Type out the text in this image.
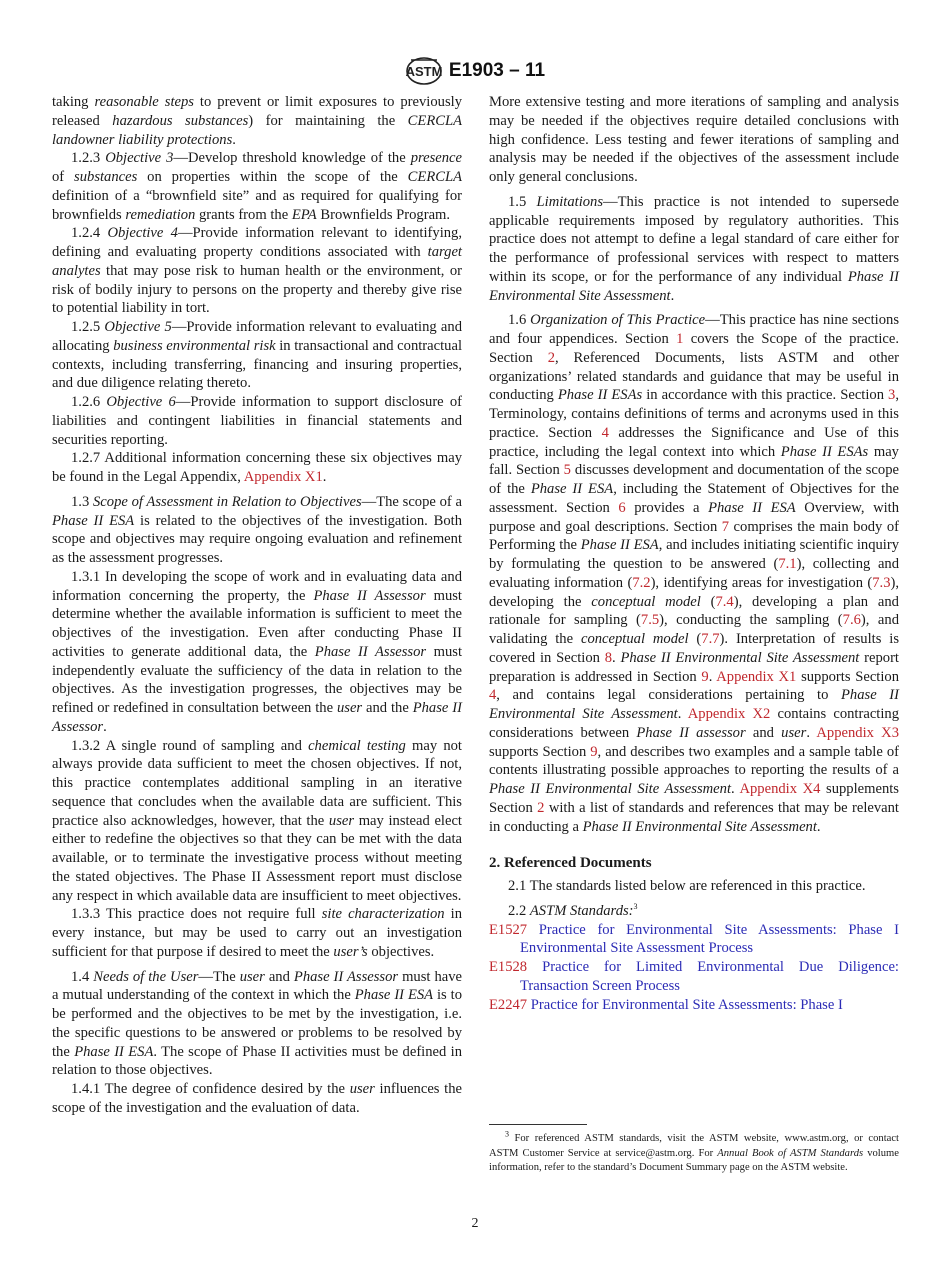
ASTM E1903 – 11

taking reasonable steps to prevent or limit exposures to previously released hazardous substances) for maintaining the CERCLA landowner liability protections.

1.2.3 Objective 3—Develop threshold knowledge of the presence of substances on properties within the scope of the CERCLA definition of a “brownfield site” and as required for qualifying for brownfields remediation grants from the EPA Brownfields Program.

1.2.4 Objective 4—Provide information relevant to identifying, defining and evaluating property conditions associated with target analytes that may pose risk to human health or the environment, or risk of bodily injury to persons on the property and thereby give rise to potential liability in tort.

1.2.5 Objective 5—Provide information relevant to evaluating and allocating business environmental risk in transactional and contractual contexts, including transferring, financing and insuring properties, and due diligence relating thereto.

1.2.6 Objective 6—Provide information to support disclosure of liabilities and contingent liabilities in financial statements and securities reporting.

1.2.7 Additional information concerning these six objectives may be found in the Legal Appendix, Appendix X1.

1.3 Scope of Assessment in Relation to Objectives—The scope of a Phase II ESA is related to the objectives of the investigation. Both scope and objectives may require ongoing evaluation and refinement as the assessment progresses.

1.3.1 In developing the scope of work and in evaluating data and information concerning the property, the Phase II Assessor must determine whether the available information is sufficient to meet the objectives of the investigation. Even after conducting Phase II activities to generate additional data, the Phase II Assessor must independently evaluate the sufficiency of the data in relation to the objectives. As the investigation progresses, the objectives may be refined or redefined in consultation between the user and the Phase II Assessor.

1.3.2 A single round of sampling and chemical testing may not always provide data sufficient to meet the chosen objectives. If not, this practice contemplates additional sampling in an iterative sequence that concludes when the available data are sufficient. This practice also acknowledges, however, that the user may instead elect either to redefine the objectives so that they can be met with the data available, or to terminate the investigative process without meeting the stated objectives. The Phase II Assessment report must disclose any respect in which available data are insufficient to meet objectives.

1.3.3 This practice does not require full site characterization in every instance, but may be used to carry out an investigation sufficient for that purpose if desired to meet the user’s objectives.

1.4 Needs of the User—The user and Phase II Assessor must have a mutual understanding of the context in which the Phase II ESA is to be performed and the objectives to be met by the investigation, i.e. the specific questions to be answered or problems to be resolved by the Phase II ESA. The scope of Phase II activities must be defined in relation to those objectives.

1.4.1 The degree of confidence desired by the user influences the scope of the investigation and the evaluation of data.

More extensive testing and more iterations of sampling and analysis may be needed if the objectives require detailed conclusions with high confidence. Less testing and fewer iterations of sampling and analysis may be needed if the objectives of the assessment include only general conclusions.

1.5 Limitations—This practice is not intended to supersede applicable requirements imposed by regulatory authorities. This practice does not attempt to define a legal standard of care either for the performance of professional services with respect to matters within its scope, or for the performance of any individual Phase II Environmental Site Assessment.

1.6 Organization of This Practice—This practice has nine sections and four appendices. Section 1 covers the Scope of the practice. Section 2, Referenced Documents, lists ASTM and other organizations’ related standards and guidance that may be useful in conducting Phase II ESAs in accordance with this practice. Section 3, Terminology, contains definitions of terms and acronyms used in this practice. Section 4 addresses the Significance and Use of this practice, including the legal context into which Phase II ESAs may fall. Section 5 discusses development and documentation of the scope of the Phase II ESA, including the Statement of Objectives for the assessment. Section 6 provides a Phase II ESA Overview, with purpose and goal descriptions. Section 7 comprises the main body of Performing the Phase II ESA, and includes initiating scientific inquiry by formulating the question to be answered (7.1), collecting and evaluating information (7.2), identifying areas for investigation (7.3), developing the conceptual model (7.4), developing a plan and rationale for sampling (7.5), conducting the sampling (7.6), and validating the conceptual model (7.7). Interpretation of results is covered in Section 8. Phase II Environmental Site Assessment report preparation is addressed in Section 9. Appendix X1 supports Section 4, and contains legal considerations pertaining to Phase II Environmental Site Assessment. Appendix X2 contains contracting considerations between Phase II assessor and user. Appendix X3 supports Section 9, and describes two examples and a sample table of contents illustrating possible approaches to reporting the results of a Phase II Environmental Site Assessment. Appendix X4 supplements Section 2 with a list of standards and references that may be relevant in conducting a Phase II Environmental Site Assessment.

2. Referenced Documents

2.1 The standards listed below are referenced in this practice.

2.2 ASTM Standards:$^3$

E1527 Practice for Environmental Site Assessments: Phase I Environmental Site Assessment Process

E1528 Practice for Limited Environmental Due Diligence: Transaction Screen Process

E2247 Practice for Environmental Site Assessments: Phase I

$^3$ For referenced ASTM standards, visit the ASTM website, www.astm.org, or contact ASTM Customer Service at service@astm.org. For Annual Book of ASTM Standards volume information, refer to the standard’s Document Summary page on the ASTM website.

2
